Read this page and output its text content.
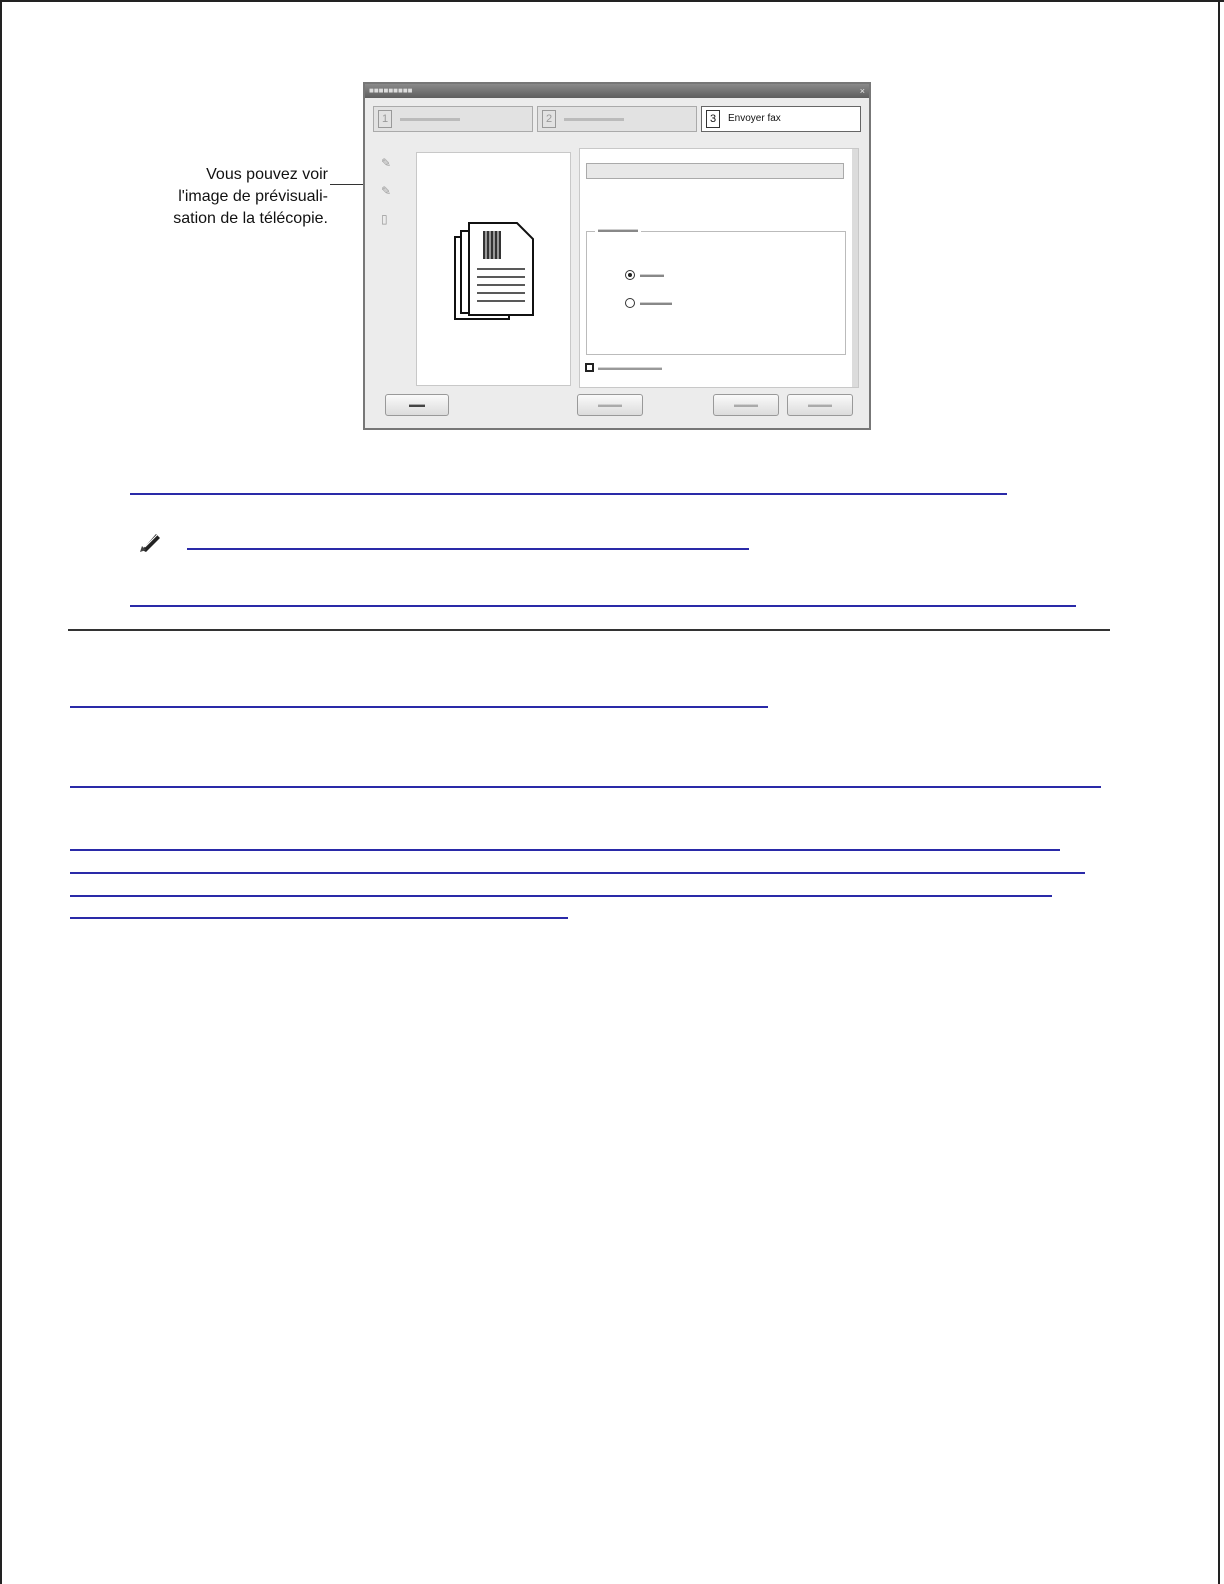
Vous pouvez voir
l'image de prévisuali-
sation de la télécopie.
■■■■■■■■■	×
1	▬▬▬▬▬▬	2	▬▬▬▬▬▬	3	Envoyer fax
✎
✎
▯
▬▬▬▬▬
▬▬▬
▬▬▬▬
▬▬▬▬▬▬▬▬
▬▬	▬▬▬	▬▬▬	▬▬▬
